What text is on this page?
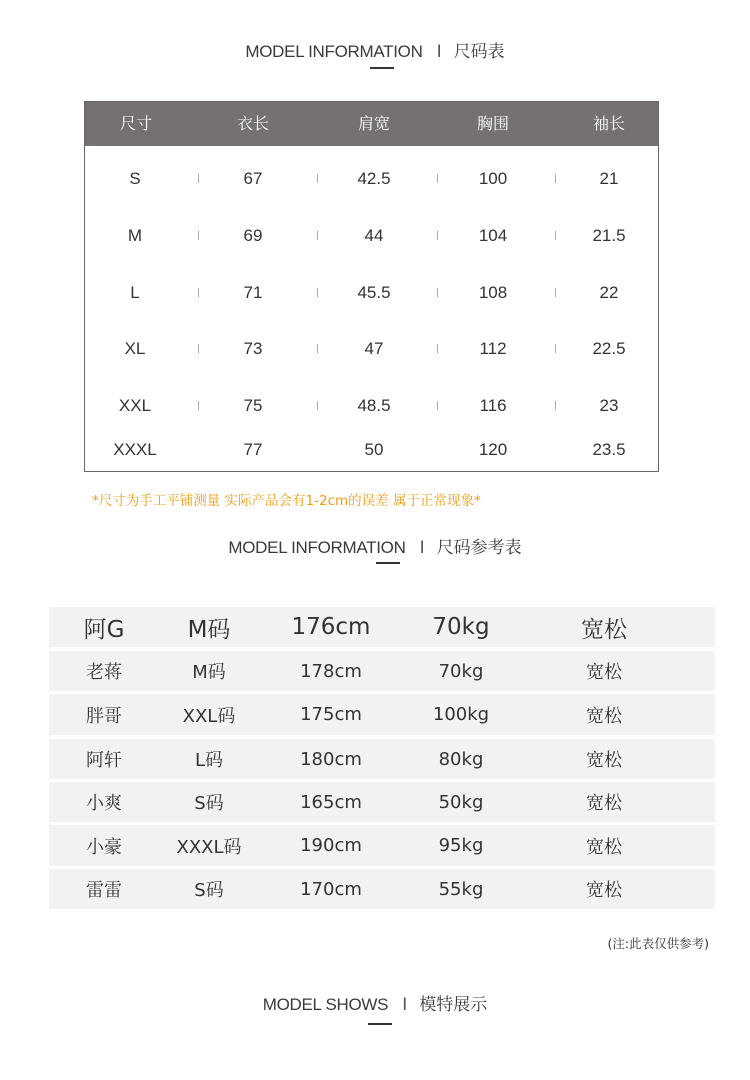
MODEL INFORMATION I 尺码表
尺寸	衣长	肩宽	胸围	袖长
S	67	42.5	100	21
M	69	44	104	21.5
L	71	45.5	108	22
XL	73	47	112	22.5
XXL	75	48.5	116	23
XXXL	77	50	120	23.5
*尺寸为手工平铺测量 实际产品会有1-2cm的误差 属于正常现象*
MODEL INFORMATION I 尺码参考表
阿G	M码	176cm	70kg	宽松
老蒋	M码	178cm	70kg	宽松
胖哥	XXL码	175cm	100kg	宽松
阿轩	L码	180cm	80kg	宽松
小爽	S码	165cm	50kg	宽松
小豪	XXXL码	190cm	95kg	宽松
雷雷	S码	170cm	55kg	宽松
(注:此表仅供参考)
MODEL SHOWS I 模特展示
